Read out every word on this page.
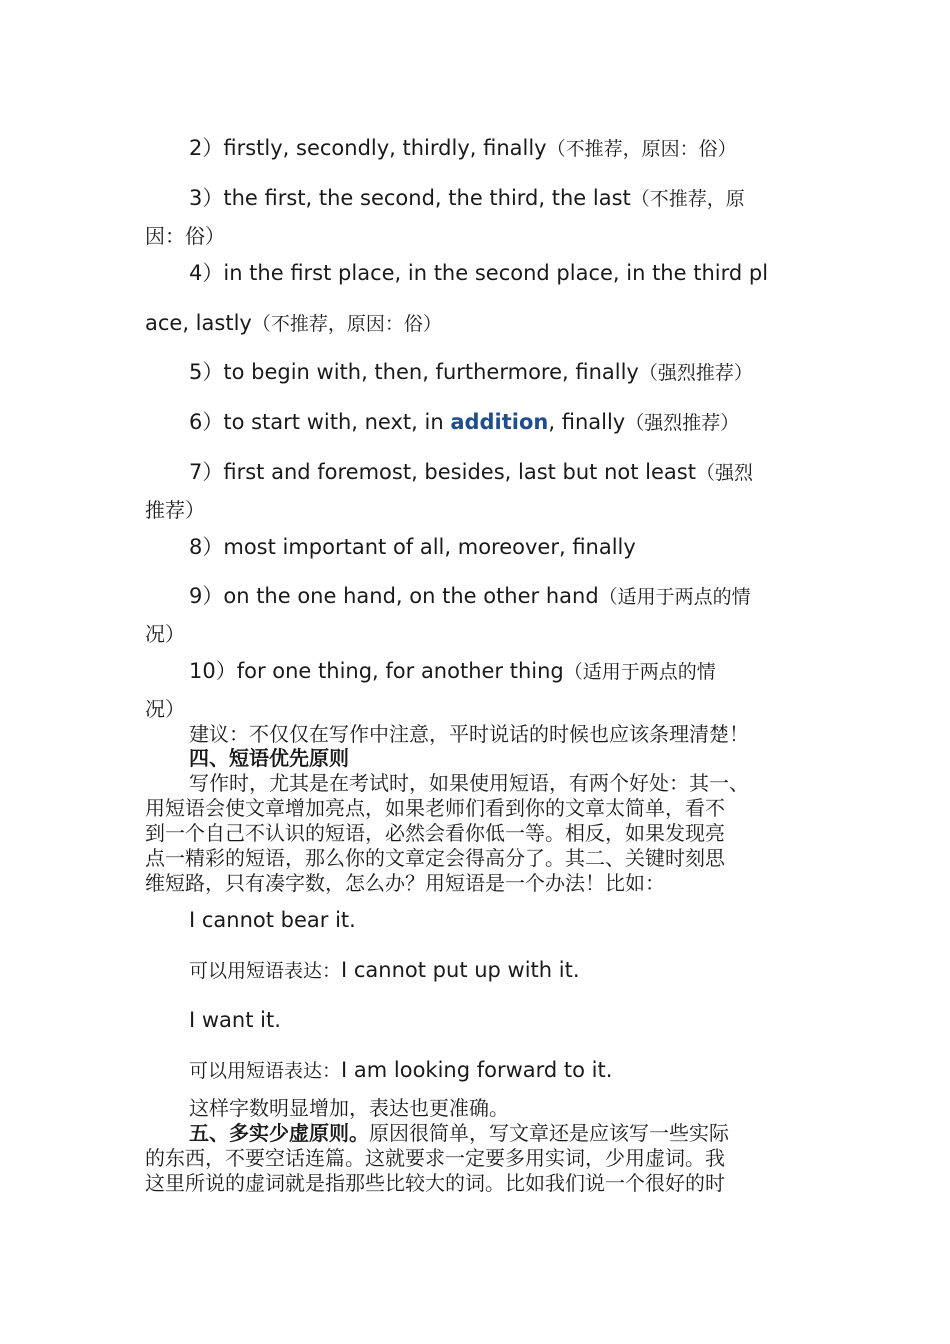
2）firstly, secondly, thirdly, finally（不推荐，原因：俗）

3）the first, the second, the third, the last（不推荐，原

因：俗）

4）in the first place, in the second place, in the third pl

ace, lastly（不推荐，原因：俗）

5）to begin with, then, furthermore, finally（强烈推荐）

6）to start with, next, in addition, finally（强烈推荐）

7）first and foremost, besides, last but not least（强烈

推荐）

8）most important of all, moreover, finally

9）on the one hand, on the other hand（适用于两点的情

况）

10）for one thing, for another thing（适用于两点的情

况）

建议：不仅仅在写作中注意，平时说话的时候也应该条理清楚！

四、短语优先原则

写作时，尤其是在考试时，如果使用短语，有两个好处：其一、

用短语会使文章增加亮点，如果老师们看到你的文章太简单，看不

到一个自己不认识的短语，必然会看你低一等。相反，如果发现亮

点一精彩的短语，那么你的文章定会得高分了。其二、关键时刻思

维短路，只有凑字数，怎么办？用短语是一个办法！比如：

I cannot bear it.

可以用短语表达：I cannot put up with it.

I want it.

可以用短语表达：I am looking forward to it.

这样字数明显增加，表达也更准确。

五、多实少虚原则。原因很简单，写文章还是应该写一些实际

的东西，不要空话连篇。这就要求一定要多用实词，少用虚词。我

这里所说的虚词就是指那些比较大的词。比如我们说一个很好的时
